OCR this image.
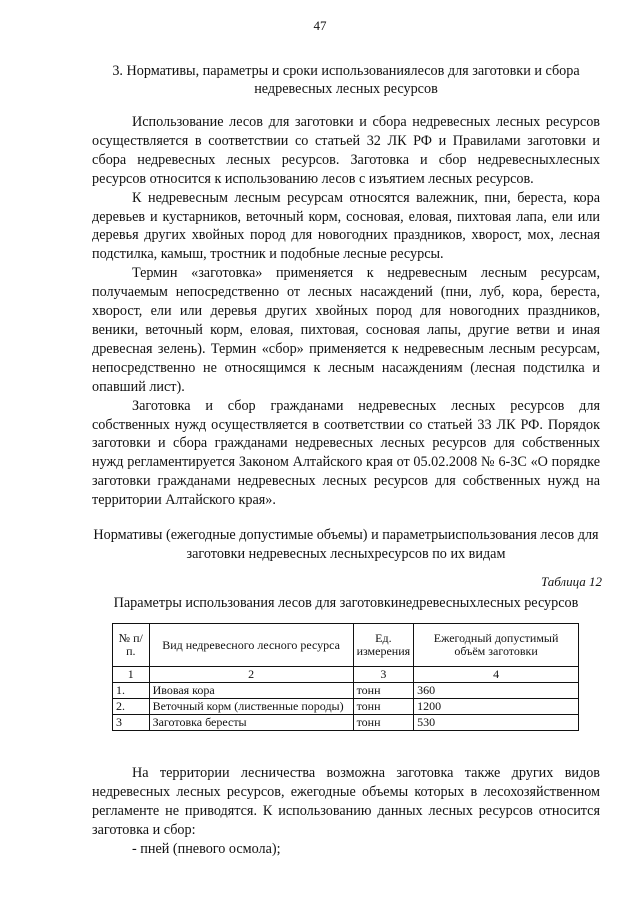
47
3. Нормативы, параметры и сроки использованиялесов для заготовки и сбора недревесных лесных ресурсов

Использование лесов для заготовки и сбора недревесных лесных ресурсов осуществляется в соответствии со статьей 32 ЛК РФ и Правилами заготовки и сбора недревесных лесных ресурсов. Заготовка и сбор недревесныхлесных ресурсов относится к использованию лесов с изъятием лесных ресурсов.

К недревесным лесным ресурсам относятся валежник, пни, береста, кора деревьев и кустарников, веточный корм, сосновая, еловая, пихтовая лапа, ели или деревья других хвойных пород для новогодних праздников, хворост, мох, лесная подстилка, камыш, тростник и подобные лесные ресурсы.

Термин «заготовка» применяется к недревесным лесным ресурсам, получаемым непосредственно от лесных насаждений (пни, луб, кора, береста, хворост, ели или деревья других хвойных пород для новогодних праздников, веники, веточный корм, еловая, пихтовая, сосновая лапы, другие ветви и иная древесная зелень). Термин «сбор» применяется к недревесным лесным ресурсам, непосредственно не относящимся к лесным насаждениям (лесная подстилка и опавший лист).

Заготовка и сбор гражданами недревесных лесных ресурсов для собственных нужд осуществляется в соответствии со статьей 33 ЛК РФ. Порядок заготовки и сбора гражданами недревесных лесных ресурсов для собственных нужд регламентируется Законом Алтайского края от 05.02.2008 № 6-ЗС «О порядке заготовки гражданами недревесных лесных ресурсов для собственных нужд на территории Алтайского края».

Нормативы (ежегодные допустимые объемы) и параметрыиспользования лесов для заготовки недревесных лесныхресурсов по их видам
Таблица 12
Параметры использования лесов для заготовкинедревесныхлесных ресурсов
№ п/п.	Вид недревесного лесного ресурса	Ед. измерения	Ежегодный допустимый объём заготовки
1	2	3	4
1.	Ивовая кора	тонн	360
2.	Веточный корм (лиственные породы)	тонн	1200
3	Заготовка бересты	тонн	530

На территории лесничества возможна заготовка также других видов недревесных лесных ресурсов, ежегодные объемы которых в лесохозяйственном регламенте не приводятся. К использованию данных лесных ресурсов относится заготовка и сбор:

- пней (пневого осмола);
